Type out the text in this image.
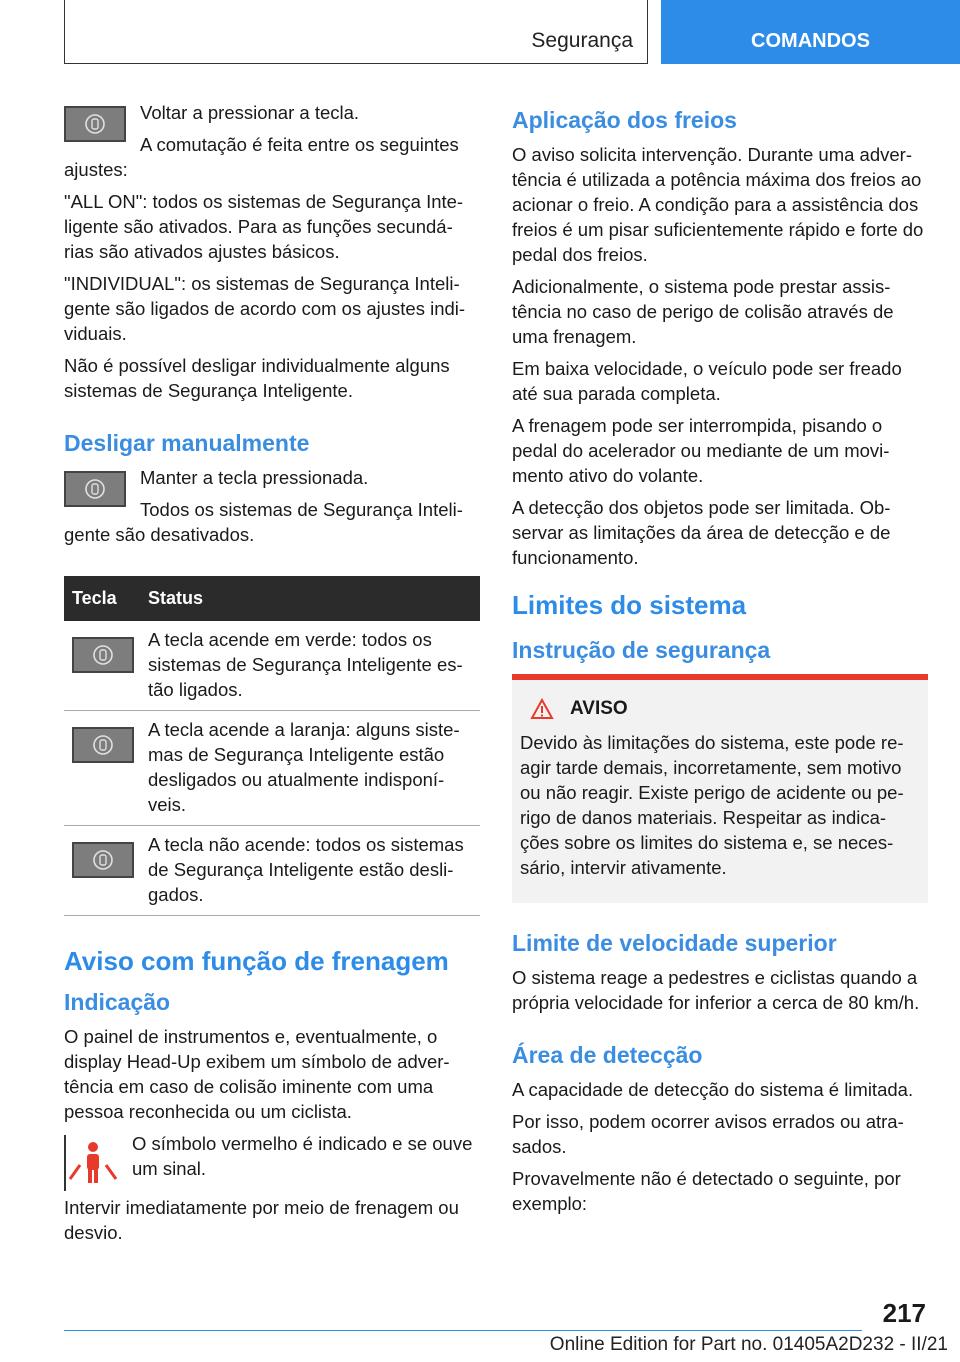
Segurança	COMANDOS

Voltar a pressionar a tecla.

A comutação é feita entre os seguintes ajustes:

"ALL ON": todos os sistemas de Segurança Inte-ligente são ativados. Para as funções secundá-rias são ativados ajustes básicos.

"INDIVIDUAL": os sistemas de Segurança Inteli-gente são ligados de acordo com os ajustes indi-viduais.

Não é possível desligar individualmente alguns sistemas de Segurança Inteligente.

Desligar manualmente

Manter a tecla pressionada.

Todos os sistemas de Segurança Inteli-gente são desativados.

Tecla	Status

	A tecla acende em verde: todos os sistemas de Segurança Inteligente es-tão ligados.

	A tecla acende a laranja: alguns siste-mas de Segurança Inteligente estão desligados ou atualmente indisponí-veis.

	A tecla não acende: todos os sistemas de Segurança Inteligente estão desli-gados.
Aviso com função de frenagem
Indicação

O painel de instrumentos e, eventualmente, o display Head-Up exibem um símbolo de adver-tência em caso de colisão iminente com uma pessoa reconhecida ou um ciclista.

O símbolo vermelho é indicado e se ouve um sinal.

Intervir imediatamente por meio de frenagem ou desvio.

Aplicação dos freios

O aviso solicita intervenção. Durante uma adver-tência é utilizada a potência máxima dos freios ao acionar o freio. A condição para a assistência dos freios é um pisar suficientemente rápido e forte do pedal dos freios.

Adicionalmente, o sistema pode prestar assis-tência no caso de perigo de colisão através de uma frenagem.

Em baixa velocidade, o veículo pode ser freado até sua parada completa.

A frenagem pode ser interrompida, pisando o pedal do acelerador ou mediante de um movi-mento ativo do volante.

A detecção dos objetos pode ser limitada. Ob-servar as limitações da área de detecção e de funcionamento.

Limites do sistema
Instrução de segurança
AVISO

Devido às limitações do sistema, este pode re-agir tarde demais, incorretamente, sem motivo ou não reagir. Existe perigo de acidente ou pe-rigo de danos materiais. Respeitar as indica-ções sobre os limites do sistema e, se neces-sário, intervir ativamente.

Limite de velocidade superior

O sistema reage a pedestres e ciclistas quando a própria velocidade for inferior a cerca de 80 km/h.

Área de detecção

A capacidade de detecção do sistema é limitada.

Por isso, podem ocorrer avisos errados ou atra-sados.

Provavelmente não é detectado o seguinte, por exemplo:

217
Online Edition for Part no. 01405A2D232 - II/21
